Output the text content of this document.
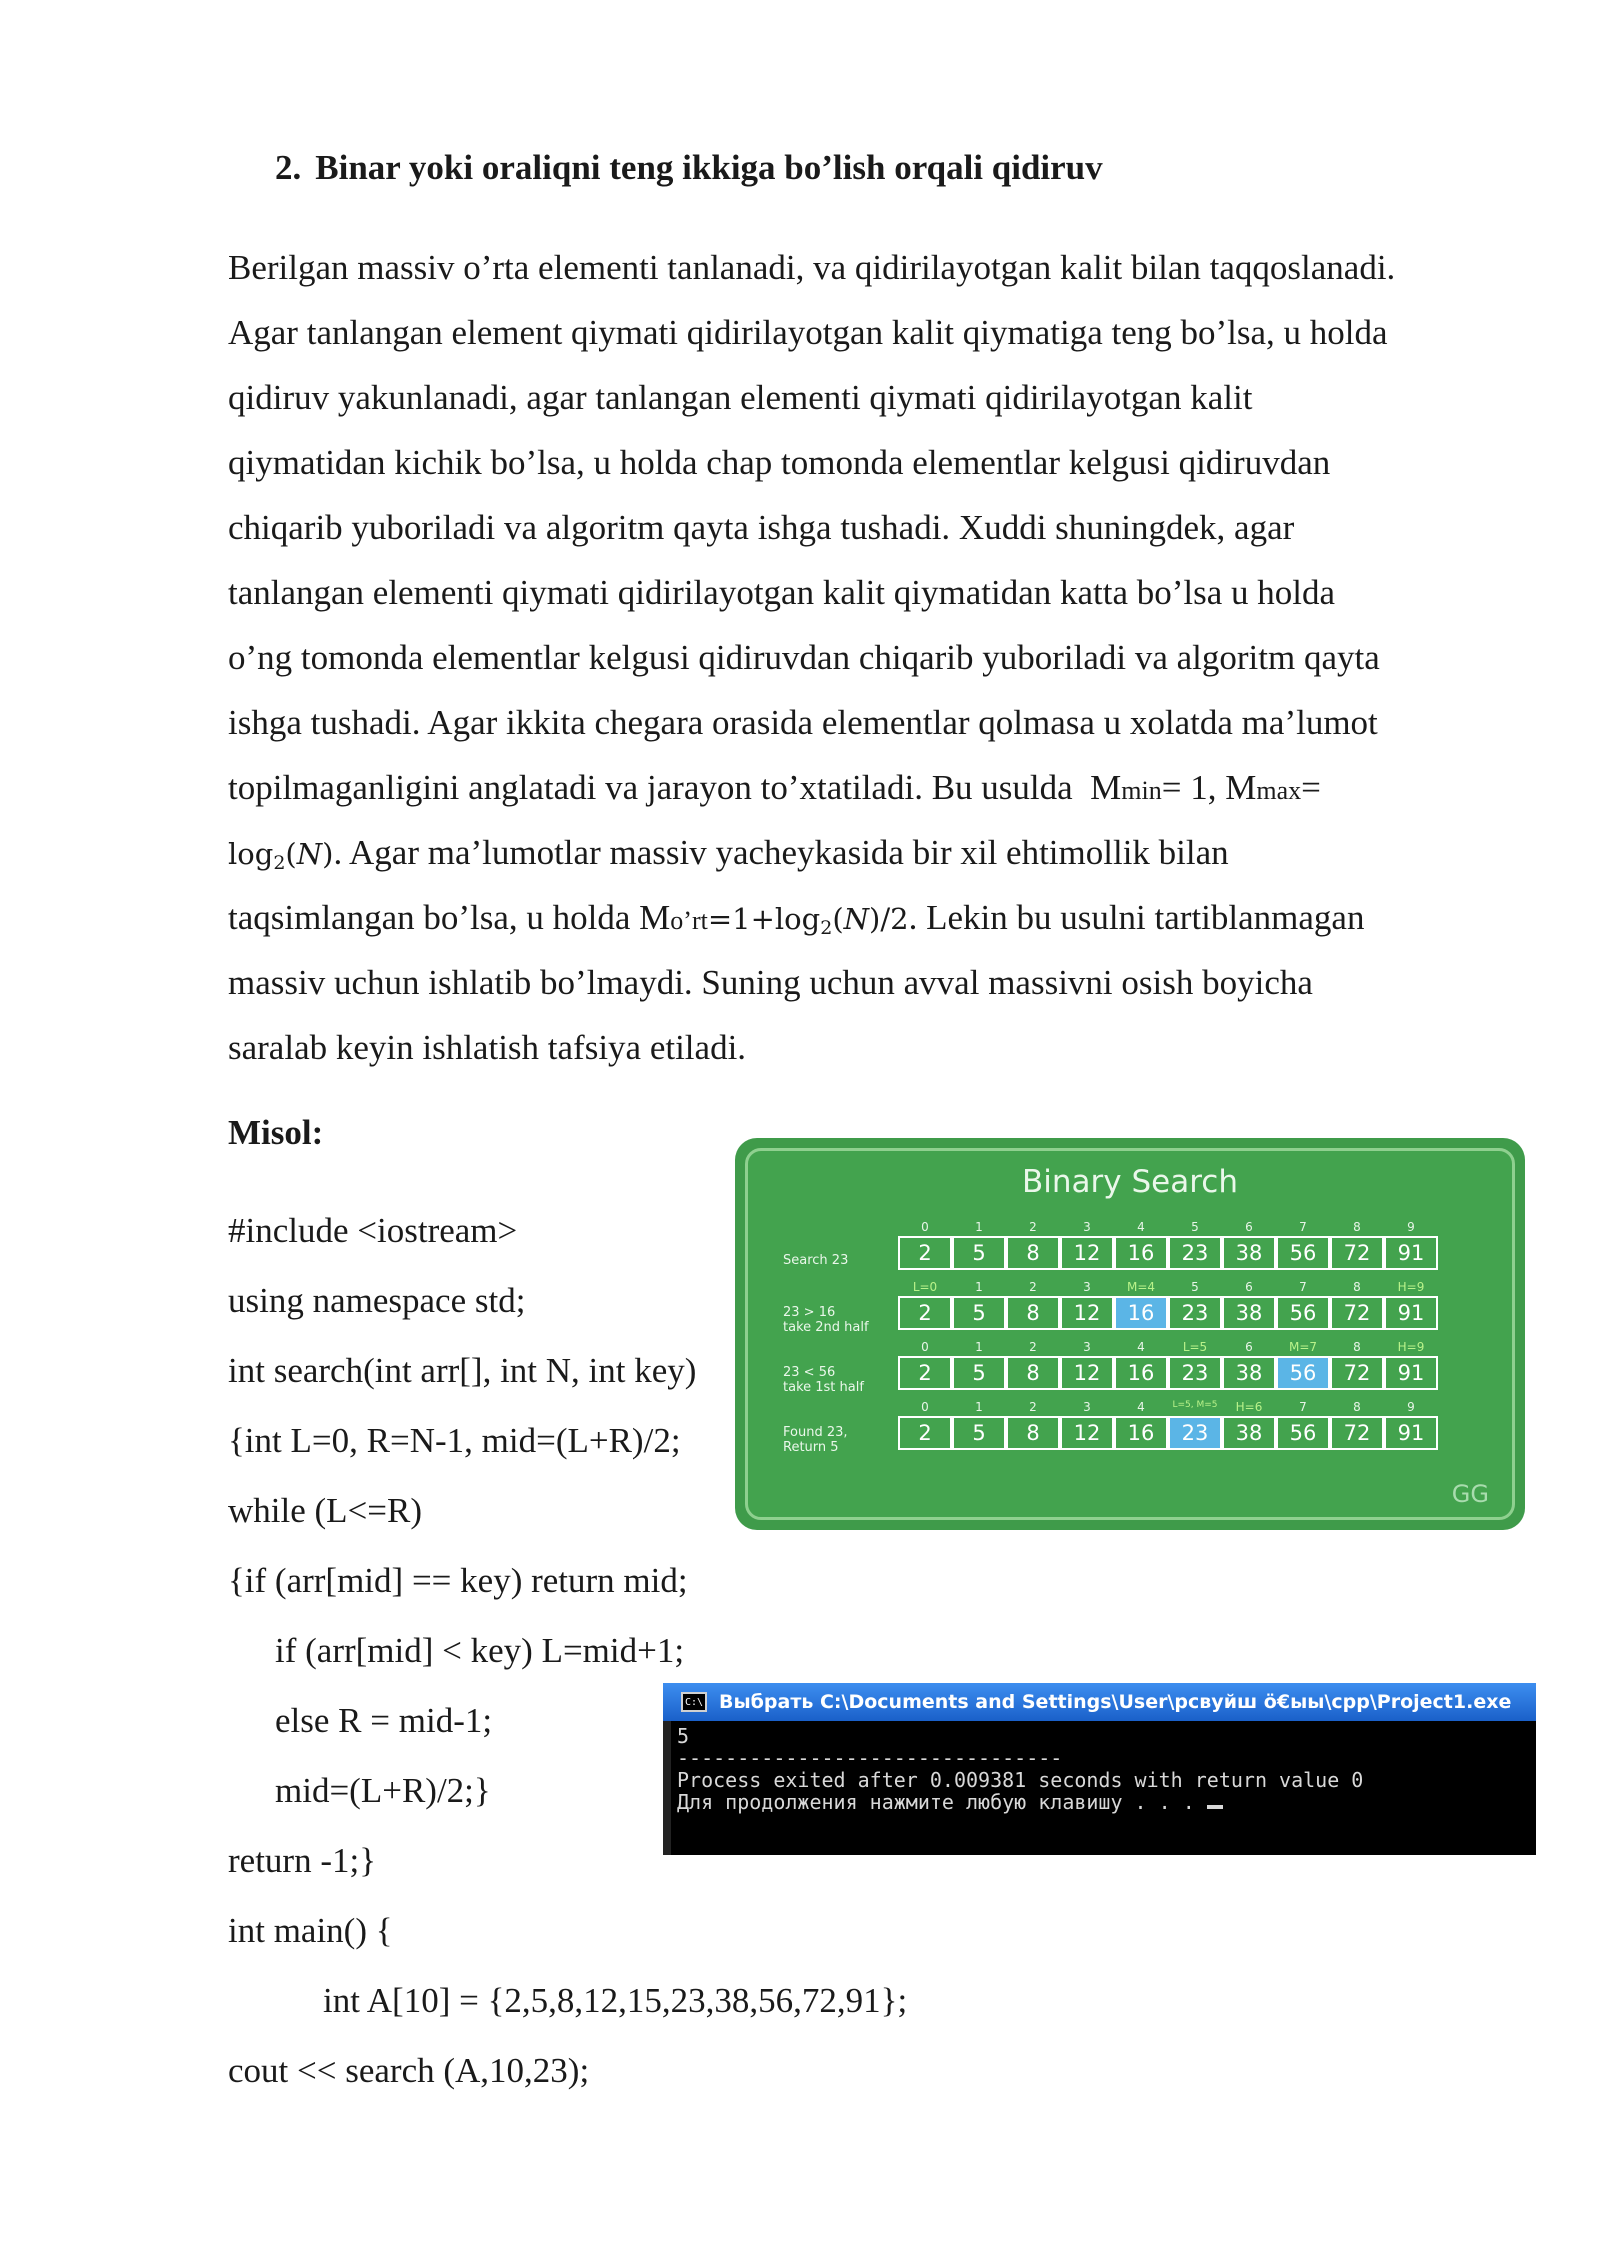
2. Binar yoki oraliqni teng ikkiga bo’lish orqali qidiruv
Berilgan massiv o’rta elementi tanlanadi, va qidirilayotgan kalit bilan taqqoslanadi.
Agar tanlangan element qiymati qidirilayotgan kalit qiymatiga teng bo’lsa, u holda
qidiruv yakunlanadi, agar tanlangan elementi qiymati qidirilayotgan kalit
qiymatidan kichik bo’lsa, u holda chap tomonda elementlar kelgusi qidiruvdan
chiqarib yuboriladi va algoritm qayta ishga tushadi. Xuddi shuningdek, agar
tanlangan elementi qiymati qidirilayotgan kalit qiymatidan katta bo’lsa u holda
o’ng tomonda elementlar kelgusi qidiruvdan chiqarib yuboriladi va algoritm qayta
ishga tushadi. Agar ikkita chegara orasida elementlar qolmasa u xolatda ma’lumot
topilmaganligini anglatadi va jarayon to’xtatiladi. Bu usulda Mmin= 1, Mmax=
log2(N). Agar ma’lumotlar massiv yacheykasida bir xil ehtimollik bilan
taqsimlangan bo’lsa, u holda Mo’rt=1+log2(N)/2. Lekin bu usulni tartiblanmagan
massiv uchun ishlatib bo’lmaydi. Suning uchun avval massivni osish boyicha
saralab keyin ishlatish tafsiya etiladi.
Misol:
#include <iostream>
using namespace std;
int search(int arr[], int N, int key)
{int L=0, R=N-1, mid=(L+R)/2;
while (L<=R)
{if (arr[mid] == key) return mid;
if (arr[mid] < key) L=mid+1;
else R = mid-1;
mid=(L+R)/2;}
return -1;}
int main() {
int A[10] = {2,5,8,12,15,23,38,56,72,91};
cout << search (A,10,23);
Binary Search
GG
Search 23
0
2
1
5
2
8
3
12
4
16
5
23
6
38
7
56
8
72
9
91
23 > 16
take 2nd half
L=0
2
1
5
2
8
3
12
M=4
16
5
23
6
38
7
56
8
72
H=9
91
23 < 56
take 1st half
0
2
1
5
2
8
3
12
4
16
L=5
23
6
38
M=7
56
8
72
H=9
91
Found 23,
Return 5
0
2
1
5
2
8
3
12
4
16
L=5, M=5
23
H=6
38
7
56
8
72
9
91
C:\ Выбрать C:\Documents and Settings\User\рсвуйш ö€ыы\cpp\Project1.exe
5
--------------------------------
Process exited after 0.009381 seconds with return value 0
Для продолжения нажмите любую клавишу . . .
